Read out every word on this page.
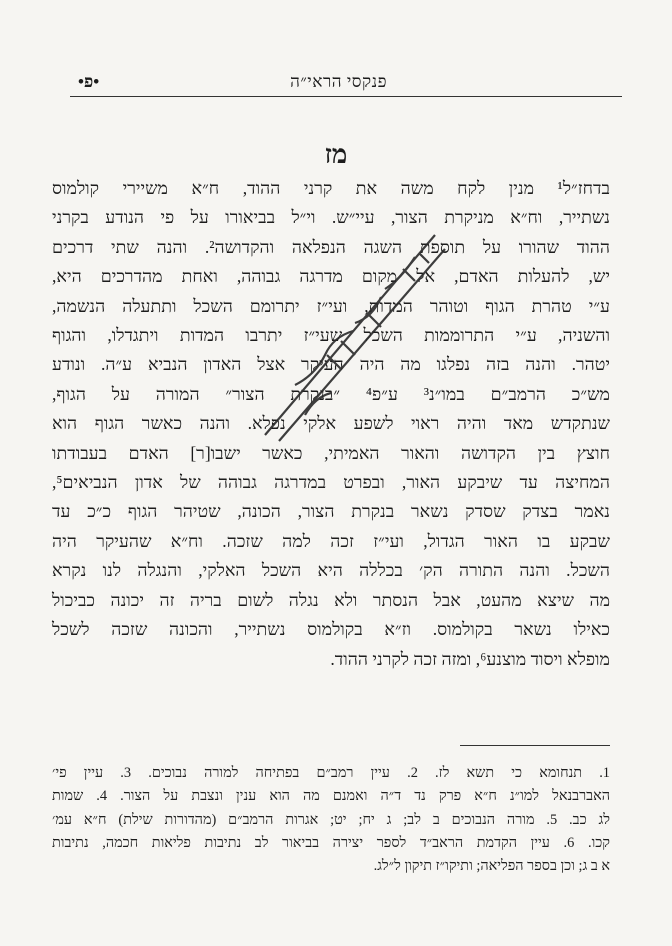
פנקסי הראי״ה
•פ•
מז
בדחז״ל¹ מנין לקח משה את קרני ההוד, ח״א משיירי קולמוס
נשתייר, וח״א מניקרת הצור, עיי״ש. וי״ל בביאורו על פי הנודע בקרני
ההוד שהורו על תוספת השגה הנפלאה והקדושה². והנה שתי דרכים
יש, להעלות האדם, אל מקום מדרגה גבוהה, ואחת מהדרכים היא,
ע״י טהרת הגוף וטוהר המדות, ועי״ז יתרומם השכל ותתעלה הנשמה,
והשניה, ע״י התרוממות השכל שעי״ז יתרבו המדות ויתגדלו, והגוף
יטהר. והנה בזה נפלגו מה היה העיקר אצל האדון הנביא ע״ה. ונודע
מש״כ הרמב״ם במו״נ³ ע״פ⁴ ״בנקרת הצור״ המורה על הגוף,
שנתקדש מאד והיה ראוי לשפע אלקי נפלא. והנה כאשר הגוף הוא
חוצץ בין הקדושה והאור האמיתי, כאשר ישבו[ר] האדם בעבודתו
המחיצה עד שיבקע האור, ובפרט במדרגה גבוהה של אדון הנביאים⁵,
נאמר בצדק שסדק נשאר בנקרת הצור, הכונה, שטיהר הגוף כ״כ עד
שבקע בו האור הגדול, ועי״ז זכה למה שזכה. וח״א שהעיקר היה
השכל. והנה התורה הק׳ בכללה היא השכל האלקי, והנגלה לנו נקרא
מה שיצא מהעט, אבל הנסתר ולא נגלה לשום בריה זה יכונה כביכול
כאילו נשאר בקולמוס. וז״א בקולמוס נשתייר, והכונה שזכה לשכל
מופלא ויסוד מוצנע⁶, ומזה זכה לקרני ההוד.
1. תנחומא כי תשא לז. 2. עיין רמב״ם בפתיחה למורה נבוכים. 3. עיין פי׳
האברבנאל למו״נ ח״א פרק נד ד״ה ואמנם מה הוא ענין ונצבת על הצור. 4. שמות
לג כב. 5. מורה הנבוכים ב לב; ג יח; יט; אגרות הרמב״ם (מהדורות שילת) ח״א עמ׳
קכו. 6. עיין הקדמת הראב״ד לספר יצירה בביאור לב נתיבות פליאות חכמה, נתיבות
א ב ג; וכן בספר הפליאה; ותיקו״ז תיקון ל״לג.
